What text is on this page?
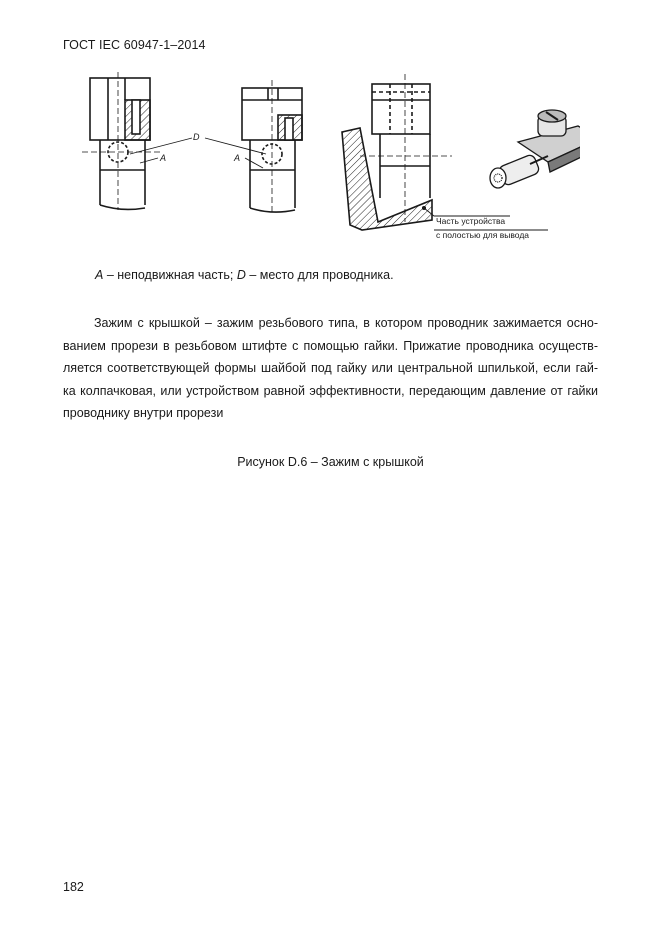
ГОСТ IEC 60947-1–2014
D
A	A
Часть устройства
с полостью для вывода
A – неподвижная часть; D – место для проводника.
Зажим с крышкой – зажим резьбового типа, в котором проводник зажимается осно-
ванием прорези в резьбовом штифте с помощью гайки. Прижатие проводника осуществ-
ляется соответствующей формы шайбой под гайку или центральной шпилькой, если гай-
ка колпачковая, или устройством равной эффективности, передающим давление от гайки
проводнику внутри прорези
Рисунок D.6 – Зажим с крышкой
182
